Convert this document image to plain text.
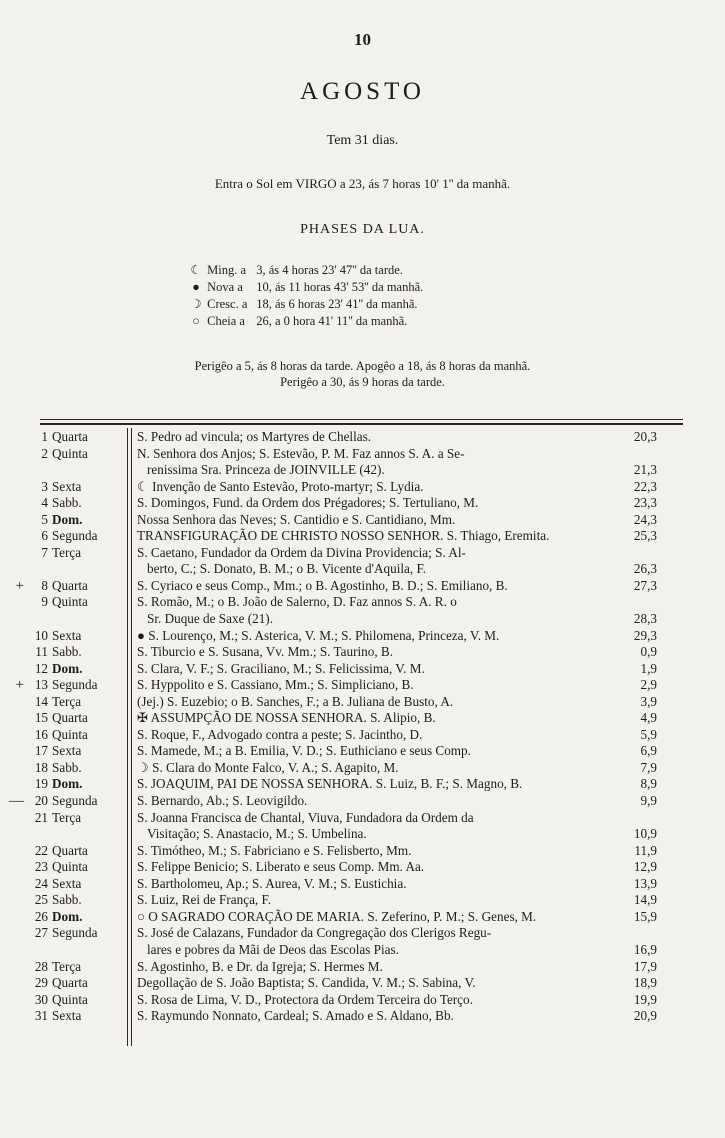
10
AGOSTO
Tem 31 dias.
Entra o Sol em VIRGO a 23, ás 7 horas 10' 1'' da manhã.
PHASES DA LUA.
☾ Ming. a 3, ás 4 horas 23' 47'' da tarde.
● Nova a 10, ás 11 horas 43' 53'' da manhã.
☽ Cresc. a 18, ás 6 horas 23' 41'' da manhã.
○ Cheia a 26, a 0 hora 41' 11'' da manhã.
Perigêo a 5, ás 8 horas da tarde. Apogêo a 18, ás 8 horas da manhã.
Perigêo a 30, ás 9 horas da tarde.
1 Quarta	S. Pedro ad vincula; os Martyres de Chellas.	20,3
2 Quinta	N. Senhora dos Anjos; S. Estevão, P. M. Faz annos S. A. a Se-
renissima Sra. Princeza de JOINVILLE (42).	21,3
3 Sexta	☾ Invenção de Santo Estevão, Proto-martyr; S. Lydia.	22,3
4 Sabb.	S. Domingos, Fund. da Ordem dos Prégadores; S. Tertuliano, M.	23,3
5 Dom.	Nossa Senhora das Neves; S. Cantidio e S. Cantidiano, Mm.	24,3
6 Segunda	TRANSFIGURAÇÃO DE CHRISTO NOSSO SENHOR. S. Thiago, Eremita.	25,3
7 Terça	S. Caetano, Fundador da Ordem da Divina Providencia; S. Al-
berto, C.; S. Donato, B. M.; o B. Vicente d'Aquila, F.	26,3
+	8 Quarta	S. Cyriaco e seus Comp., Mm.; o B. Agostinho, B. D.; S. Emiliano, B.	27,3
9 Quinta	S. Romão, M.; o B. João de Salerno, D. Faz annos S. A. R. o
Sr. Duque de Saxe (21).	28,3
10 Sexta	● S. Lourenço, M.; S. Asterica, V. M.; S. Philomena, Princeza, V. M.	29,3
11 Sabb.	S. Tiburcio e S. Susana, Vv. Mm.; S. Taurino, B.	0,9
12 Dom.	S. Clara, V. F.; S. Graciliano, M.; S. Felicissima, V. M.	1,9
+ 13 Segunda	S. Hyppolito e S. Cassiano, Mm.; S. Simpliciano, B.	2,9
14 Terça	(Jej.) S. Euzebio; o B. Sanches, F.; a B. Juliana de Busto, A.	3,9
15 Quarta	✠ ASSUMPÇÃO DE NOSSA SENHORA. S. Alipio, B.	4,9
16 Quinta	S. Roque, F., Advogado contra a peste; S. Jacintho, D.	5,9
17 Sexta	S. Mamede, M.; a B. Emilia, V. D.; S. Euthiciano e seus Comp.	6,9
18 Sabb.	☽ S. Clara do Monte Falco, V. A.; S. Agapito, M.	7,9
19 Dom.	S. JOAQUIM, PAI DE NOSSA SENHORA. S. Luiz, B. F.; S. Magno, B.	8,9
— 20 Segunda	S. Bernardo, Ab.; S. Leovigildo.	9,9
21 Terça	S. Joanna Francisca de Chantal, Viuva, Fundadora da Ordem da
Visitação; S. Anastacio, M.; S. Umbelina.	10,9
22 Quarta	S. Timótheo, M.; S. Fabriciano e S. Felisberto, Mm.	11,9
23 Quinta	S. Felippe Benicio; S. Liberato e seus Comp. Mm. Aa.	12,9
24 Sexta	S. Bartholomeu, Ap.; S. Aurea, V. M.; S. Eustichia.	13,9
25 Sabb.	S. Luiz, Rei de França, F.	14,9
26 Dom.	○ O SAGRADO CORAÇÃO DE MARIA. S. Zeferino, P. M.; S. Genes, M.	15,9
27 Segunda	S. José de Calazans, Fundador da Congregação dos Clerigos Regu-
lares e pobres da Mãi de Deos das Escolas Pias.	16,9
28 Terça	S. Agostinho, B. e Dr. da Igreja; S. Hermes M.	17,9
29 Quarta	Degollação de S. João Baptista; S. Candida, V. M.; S. Sabina, V.	18,9
30 Quinta	S. Rosa de Lima, V. D., Protectora da Ordem Terceira do Terço.	19,9
31 Sexta	S. Raymundo Nonnato, Cardeal; S. Amado e S. Aldano, Bb.	20,9
